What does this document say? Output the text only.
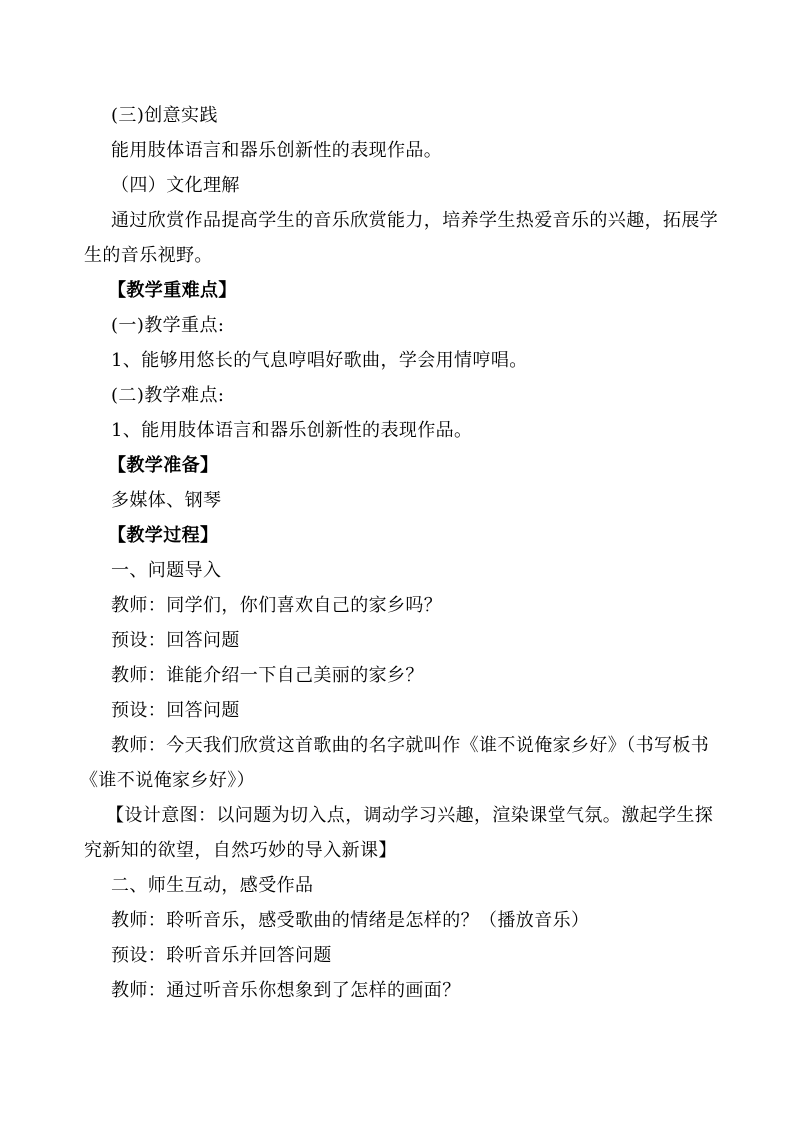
(三)创意实践
能用肢体语言和器乐创新性的表现作品。
（四）文化理解
通过欣赏作品提高学生的音乐欣赏能力，培养学生热爱音乐的兴趣，拓展学
生的音乐视野。
【教学重难点】
(一)教学重点:
1、能够用悠长的气息哼唱好歌曲，学会用情哼唱。
(二)教学难点:
1、能用肢体语言和器乐创新性的表现作品。
【教学准备】
多媒体、钢琴
【教学过程】
一、问题导入
教师：同学们，你们喜欢自己的家乡吗？
预设：回答问题
教师：谁能介绍一下自己美丽的家乡？
预设：回答问题
教师：今天我们欣赏这首歌曲的名字就叫作《谁不说俺家乡好》（书写板书
《谁不说俺家乡好》）
【设计意图：以问题为切入点，调动学习兴趣，渲染课堂气氛。激起学生探
究新知的欲望，自然巧妙的导入新课】
二、师生互动，感受作品
教师：聆听音乐，感受歌曲的情绪是怎样的？（播放音乐）
预设：聆听音乐并回答问题
教师：通过听音乐你想象到了怎样的画面？
